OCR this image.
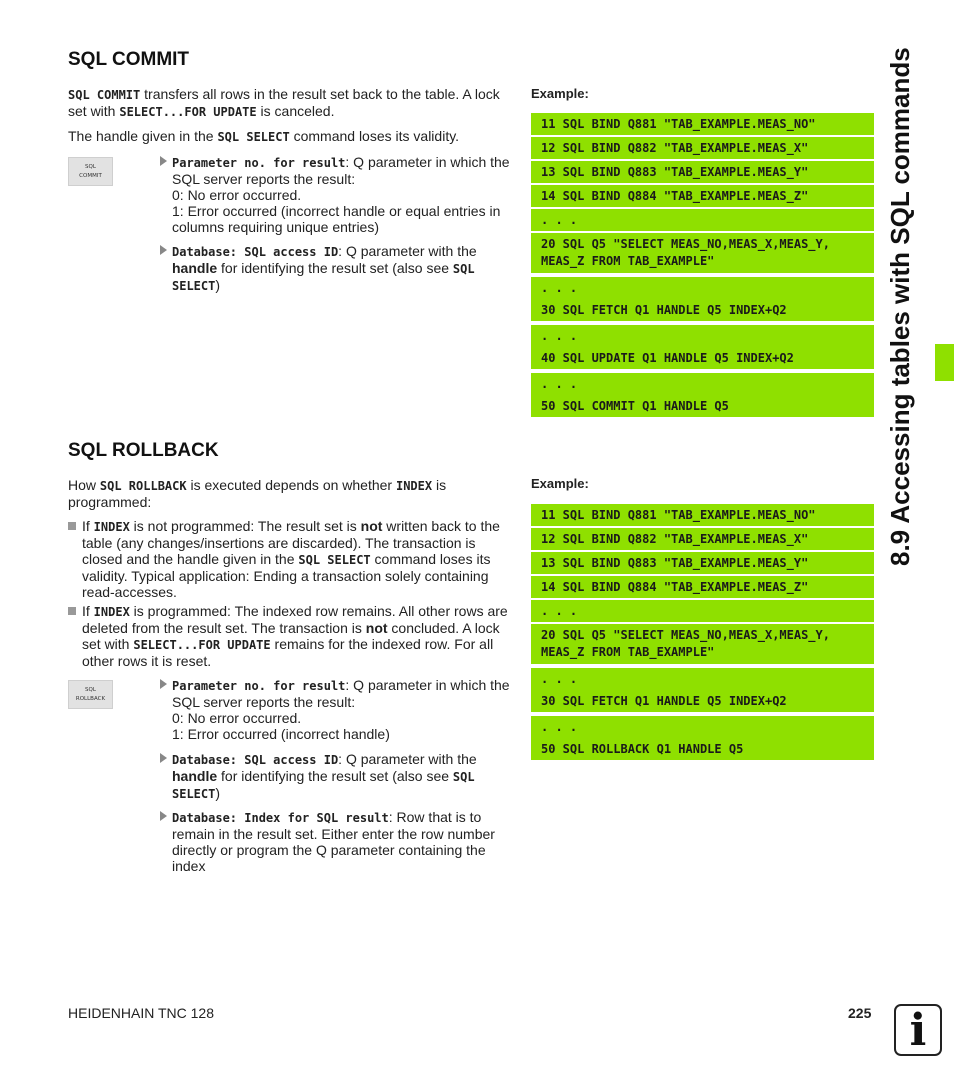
8.9 Accessing tables with SQL commands
SQL COMMIT

SQL COMMIT transfers all rows in the result set back to the table. A lock set with SELECT...FOR UPDATE is canceled.

The handle given in the SQL SELECT command loses its validity.

SQL
COMMIT
Parameter no. for result: Q parameter in which the SQL server reports the result:
0: No error occurred.
1: Error occurred (incorrect handle or equal entries in columns requiring unique entries)
Database: SQL access ID: Q parameter with the handle for identifying the result set (also see SQL SELECT)
Example:
11 SQL BIND Q881 "TAB_EXAMPLE.MEAS_NO"
12 SQL BIND Q882 "TAB_EXAMPLE.MEAS_X"
13 SQL BIND Q883 "TAB_EXAMPLE.MEAS_Y"
14 SQL BIND Q884 "TAB_EXAMPLE.MEAS_Z"
. . .
20 SQL Q5 "SELECT MEAS_NO,MEAS_X,MEAS_Y,
MEAS_Z FROM TAB_EXAMPLE"
. . .
30 SQL FETCH Q1 HANDLE Q5 INDEX+Q2
. . .
40 SQL UPDATE Q1 HANDLE Q5 INDEX+Q2
. . .
50 SQL COMMIT Q1 HANDLE Q5
SQL ROLLBACK

How SQL ROLLBACK is executed depends on whether INDEX is programmed:

If INDEX is not programmed: The result set is not written back to the table (any changes/insertions are discarded). The transaction is closed and the handle given in the SQL SELECT command loses its validity. Typical application: Ending a transaction solely containing read-accesses.
If INDEX is programmed: The indexed row remains. All other rows are deleted from the result set. The transaction is not concluded. A lock set with SELECT...FOR UPDATE remains for the indexed row. For all other rows it is reset.
SQL
ROLLBACK
Parameter no. for result: Q parameter in which the SQL server reports the result:
0: No error occurred.
1: Error occurred (incorrect handle)
Database: SQL access ID: Q parameter with the handle for identifying the result set (also see SQL SELECT)
Database: Index for SQL result: Row that is to remain in the result set. Either enter the row number directly or program the Q parameter containing the index
Example:
11 SQL BIND Q881 "TAB_EXAMPLE.MEAS_NO"
12 SQL BIND Q882 "TAB_EXAMPLE.MEAS_X"
13 SQL BIND Q883 "TAB_EXAMPLE.MEAS_Y"
14 SQL BIND Q884 "TAB_EXAMPLE.MEAS_Z"
. . .
20 SQL Q5 "SELECT MEAS_NO,MEAS_X,MEAS_Y,
MEAS_Z FROM TAB_EXAMPLE"
. . .
30 SQL FETCH Q1 HANDLE Q5 INDEX+Q2
. . .
50 SQL ROLLBACK Q1 HANDLE Q5
HEIDENHAIN TNC 128	225 i
